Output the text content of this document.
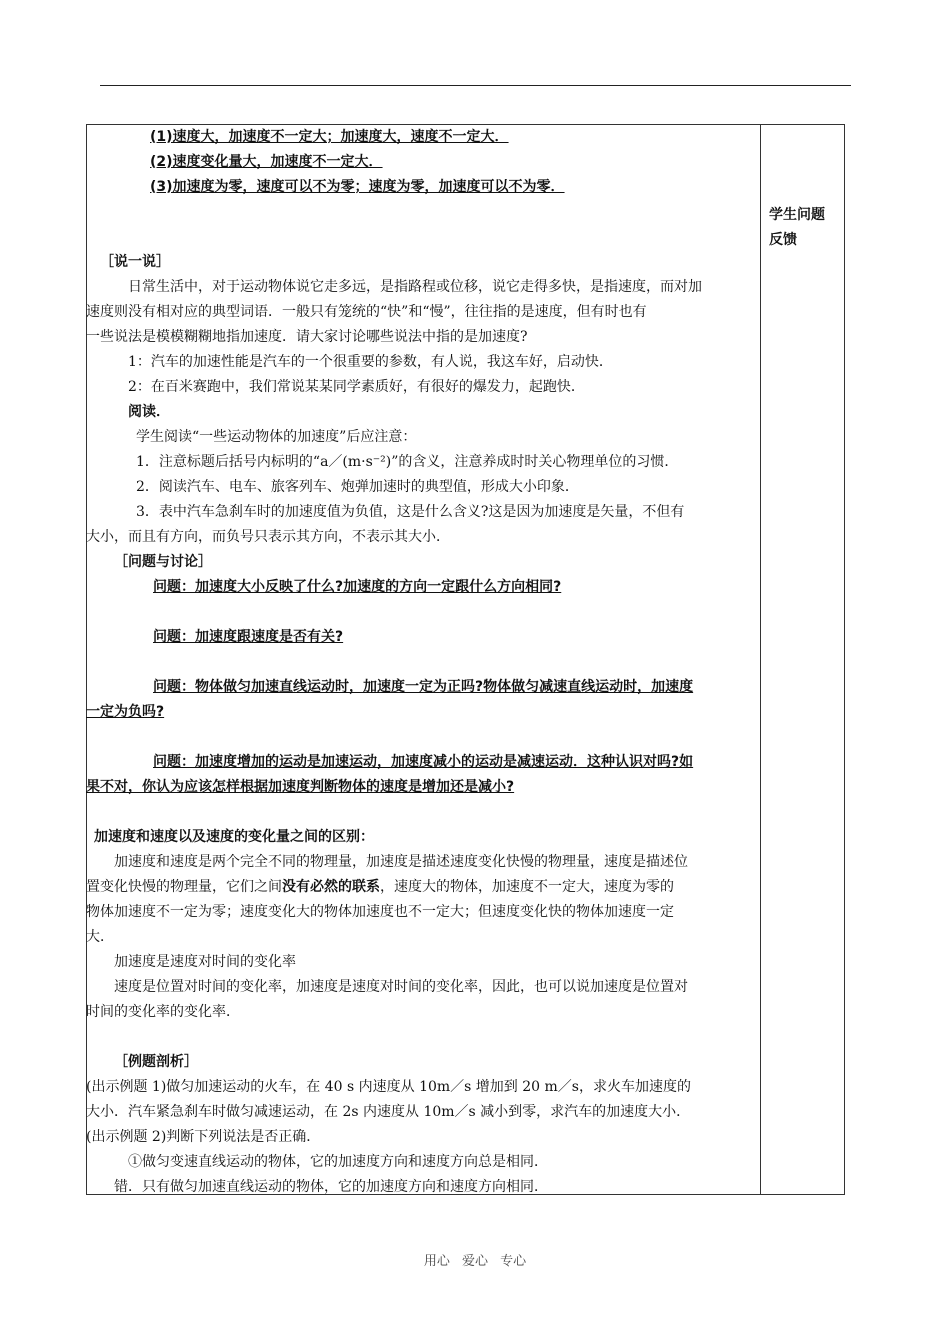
学生问题
反馈
(1)速度大，加速度不一定大；加速度大，速度不一定大．
(2)速度变化量大，加速度不一定大．
(3)加速度为零，速度可以不为零；速度为零，加速度可以不为零．
［说一说］
日常生活中，对于运动物体说它走多远，是指路程或位移，说它走得多快，是指速度，而对加
速度则没有相对应的典型词语．一般只有笼统的“快”和“慢”，往往指的是速度，但有时也有
一些说法是模模糊糊地指加速度．请大家讨论哪些说法中指的是加速度?
1：汽车的加速性能是汽车的一个很重要的参数，有人说，我这车好，启动快．
2：在百米赛跑中，我们常说某某同学素质好，有很好的爆发力，起跑快．
阅读．
学生阅读“一些运动物体的加速度”后应注意：
1．注意标题后括号内标明的“a／(m·s⁻²)”的含义，注意养成时时关心物理单位的习惯．
2．阅读汽车、电车、旅客列车、炮弹加速时的典型值，形成大小印象．
3．表中汽车急刹车时的加速度值为负值，这是什么含义?这是因为加速度是矢量，不但有
大小，而且有方向，而负号只表示其方向，不表示其大小．
［问题与讨论］
问题：加速度大小反映了什么?加速度的方向一定跟什么方向相同?
问题：加速度跟速度是否有关?
问题：物体做匀加速直线运动时，加速度一定为正吗?物体做匀减速直线运动时，加速度
一定为负吗?
问题：加速度增加的运动是加速运动，加速度减小的运动是减速运动．这种认识对吗?如
果不对，你认为应该怎样根据加速度判断物体的速度是增加还是减小?
加速度和速度以及速度的变化量之间的区别：
加速度和速度是两个完全不同的物理量，加速度是描述速度变化快慢的物理量，速度是描述位
置变化快慢的物理量，它们之间没有必然的联系，速度大的物体，加速度不一定大，速度为零的
物体加速度不一定为零；速度变化大的物体加速度也不一定大；但速度变化快的物体加速度一定
大．
加速度是速度对时间的变化率
速度是位置对时间的变化率，加速度是速度对时间的变化率，因此，也可以说加速度是位置对
时间的变化率的变化率．
［例题剖析］
(出示例题 1)做匀加速运动的火车，在 40 s 内速度从 10m／s 增加到 20 m／s，求火车加速度的
大小．汽车紧急刹车时做匀减速运动，在 2s 内速度从 10m／s 减小到零，求汽车的加速度大小．
(出示例题 2)判断下列说法是否正确．
①做匀变速直线运动的物体，它的加速度方向和速度方向总是相同．
错．只有做匀加速直线运动的物体，它的加速度方向和速度方向相同．
用心 爱心 专心
